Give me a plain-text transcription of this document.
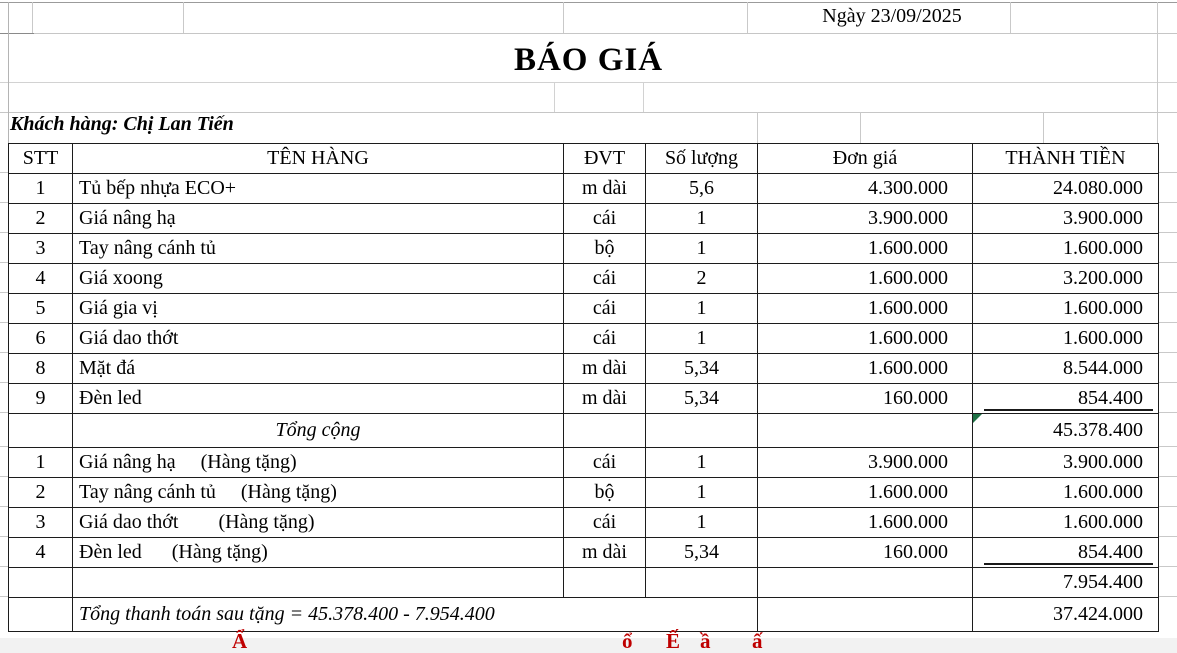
Ngày 23/09/2025
BÁO GIÁ
Khách hàng: Chị Lan Tiến
STT	TÊN HÀNG	ĐVT	Số lượng	Đơn giá	THÀNH TIỀN
1	Tủ bếp nhựa ECO+	m dài	5,6	4.300.000	24.080.000
2	Giá nâng hạ	cái	1	3.900.000	3.900.000
3	Tay nâng cánh tủ	bộ	1	1.600.000	1.600.000
4	Giá xoong	cái	2	1.600.000	3.200.000
5	Giá gia vị	cái	1	1.600.000	1.600.000
6	Giá dao thớt	cái	1	1.600.000	1.600.000
8	Mặt đá	m dài	5,34	1.600.000	8.544.000
9	Đèn led	m dài	5,34	160.000	854.400

	Tổng cộng				45.378.400
1	Giá nâng hạ     (Hàng tặng)	cái	1	3.900.000	3.900.000
2	Tay nâng cánh tủ     (Hàng tặng)	bộ	1	1.600.000	1.600.000
3	Giá dao thớt        (Hàng tặng)	cái	1	1.600.000	1.600.000
4	Đèn led      (Hàng tặng)	m dài	5,34	160.000	854.400

					7.954.400
	Tổng thanh toán sau tặng = 45.378.400 - 7.954.400				37.424.000
Ẩ	ổ Ế ầ ấ
